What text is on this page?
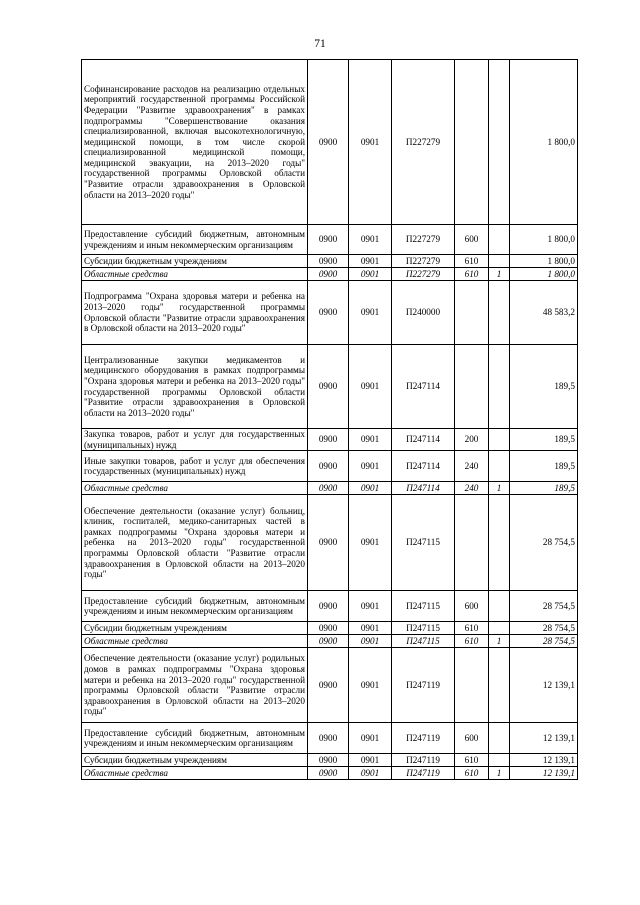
71
Софинансирование расходов на реализацию отдельных мероприятий государственной программы Российской Федерации "Развитие здравоохранения" в рамках подпрограммы "Совершенствование оказания специализированной, включая высокотехнологичную, медицинской помощи, в том числе скорой специализированной медицинской помощи, медицинской эвакуации, на 2013–2020 годы" государственной программы Орловской области "Развитие отрасли здравоохранения в Орловской области на 2013–2020 годы"	0900	0901	П227279			1 800,0
Предоставление субсидий бюджетным, автономным учреждениям и иным некоммерческим организациям	0900	0901	П227279	600		1 800,0
Субсидии бюджетным учреждениям	0900	0901	П227279	610		1 800,0
Областные средства	0900	0901	П227279	610	1	1 800,0
Подпрограмма "Охрана здоровья матери и ребенка на 2013–2020 годы" государственной программы Орловской области "Развитие отрасли здравоохранения в Орловской области на 2013–2020 годы"	0900	0901	П240000			48 583,2
Централизованные закупки медикаментов и медицинского оборудования в рамках подпрограммы "Охрана здоровья матери и ребенка на 2013–2020 годы" государственной программы Орловской области "Развитие отрасли здравоохранения в Орловской области на 2013–2020 годы"	0900	0901	П247114			189,5
Закупка товаров, работ и услуг для государственных (муниципальных) нужд	0900	0901	П247114	200		189,5
Иные закупки товаров, работ и услуг для обеспечения государственных (муниципальных) нужд	0900	0901	П247114	240		189,5
Областные средства	0900	0901	П247114	240	1	189,5
Обеспечение деятельности (оказание услуг) больниц, клиник, госпиталей, медико-санитарных частей в рамках подпрограммы "Охрана здоровья матери и ребенка на 2013–2020 годы" государственной программы Орловской области "Развитие отрасли здравоохранения в Орловской области на 2013–2020 годы"	0900	0901	П247115			28 754,5
Предоставление субсидий бюджетным, автономным учреждениям и иным некоммерческим организациям	0900	0901	П247115	600		28 754,5
Субсидии бюджетным учреждениям	0900	0901	П247115	610		28 754,5
Областные средства	0900	0901	П247115	610	1	28 754,5
Обеспечение деятельности (оказание услуг) родильных домов в рамках подпрограммы "Охрана здоровья матери и ребенка на 2013–2020 годы" государственной программы Орловской области "Развитие отрасли здравоохранения в Орловской области на 2013–2020 годы"	0900	0901	П247119			12 139,1
Предоставление субсидий бюджетным, автономным учреждениям и иным некоммерческим организациям	0900	0901	П247119	600		12 139,1
Субсидии бюджетным учреждениям	0900	0901	П247119	610		12 139,1
Областные средства	0900	0901	П247119	610	1	12 139,1
